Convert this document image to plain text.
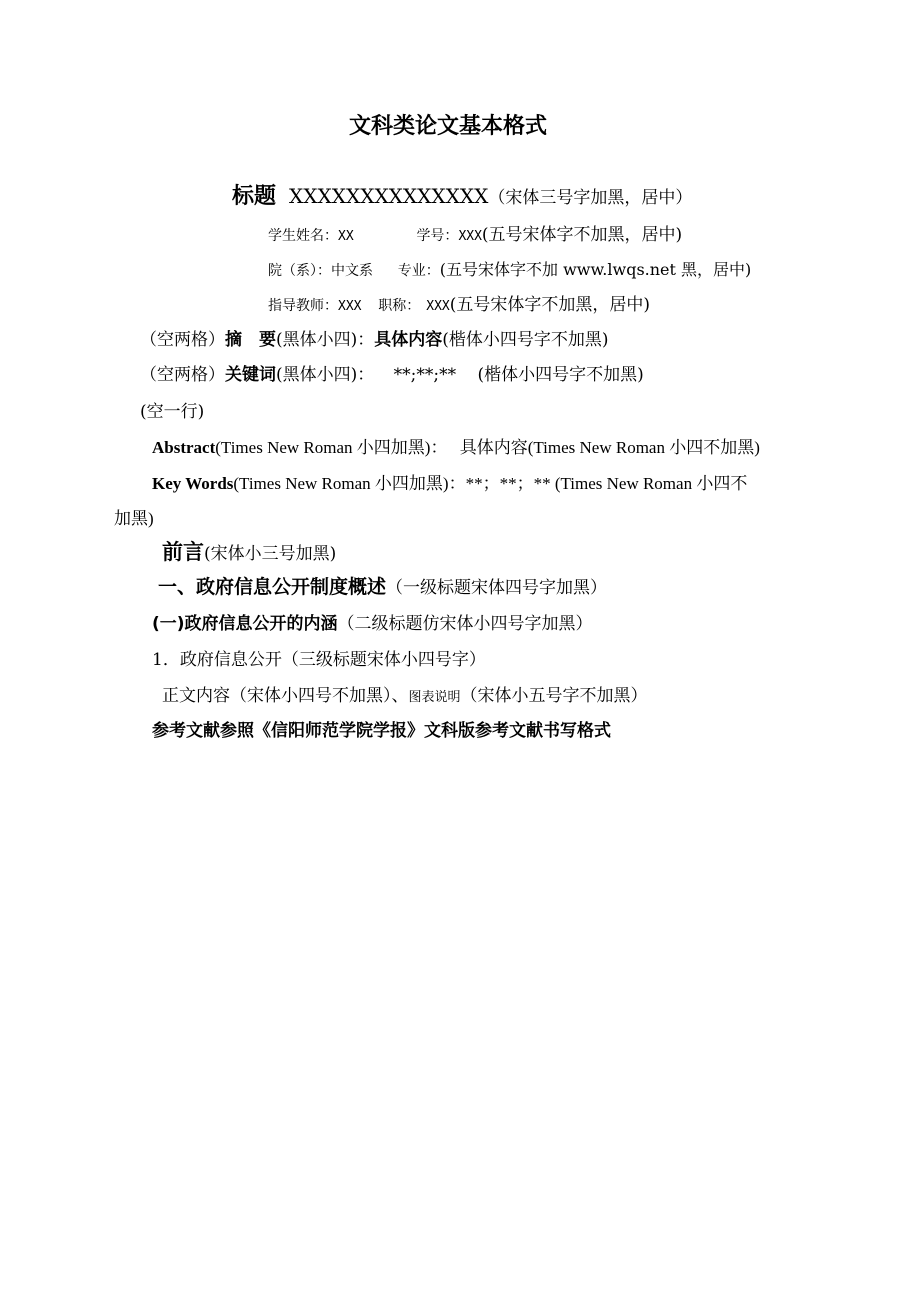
文科类论文基本格式
标题 XXXXXXXXXXXXXX（宋体三号字加黑，居中）
学生姓名：XX	学号：XXX(五号宋体字不加黑，居中)
院（系）：中文系 专业：(五号宋体字不加 www.lwqs.net 黑，居中)
指导教师：XXX 职称： XXX(五号宋体字不加黑，居中)
（空两格）摘　要(黑体小四)：具体内容(楷体小四号字不加黑)
（空两格）关键词(黑体小四)： **;**;** (楷体小四号字不加黑)
(空一行)
Abstract(Times New Roman 小四加黑)： 具体内容(Times New Roman 小四不加黑)
Key Words(Times New Roman 小四加黑)：**；**；** (Times New Roman 小四不
加黑)
前言(宋体小三号加黑)
一、政府信息公开制度概述（一级标题宋体四号字加黑）
(一)政府信息公开的内涵（二级标题仿宋体小四号字加黑）
1．政府信息公开（三级标题宋体小四号字）
正文内容（宋体小四号不加黑）、图表说明（宋体小五号字不加黑）
参考文献参照《信阳师范学院学报》文科版参考文献书写格式
